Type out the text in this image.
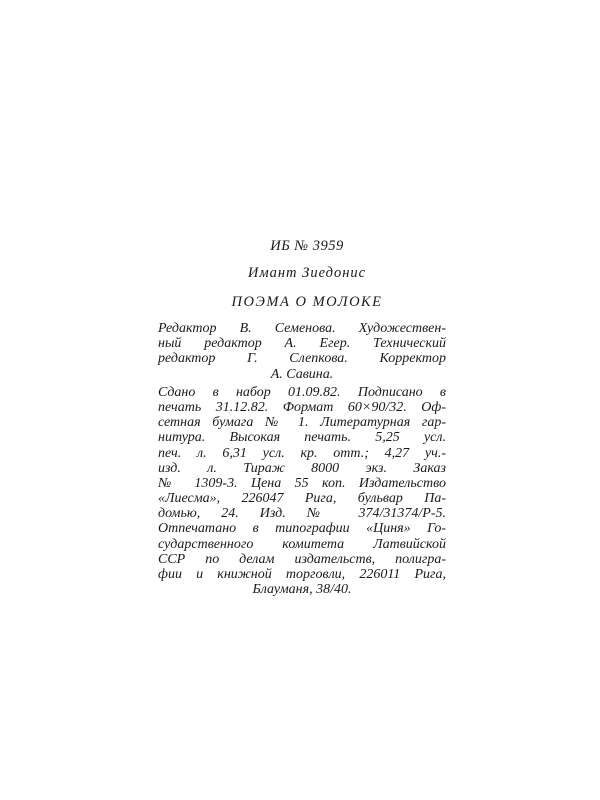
ИБ № 3959
Имант Зиедонис
ПОЭМА О МОЛОКЕ
Редактор В. Семенова. Художествен-
ный редактор А. Егер. Технический
редактор Г. Слепкова. Корректор
А. Савина.
Сдано в набор 01.09.82. Подписано в
печать 31.12.82. Формат 60×90/32. Оф-
сетная бумага № 1. Литературная гар-
нитура. Высокая печать. 5,25 усл.
печ. л. 6,31 усл. кр. отт.; 4,27 уч.-
изд. л. Тираж 8000 экз. Заказ
№ 1309-3. Цена 55 коп. Издательство
«Лиесма», 226047 Рига, бульвар Па-
домью, 24. Изд. № 374/31374/Р-5.
Отпечатано в типографии «Циня» Го-
сударственного комитета Латвийской
ССР по делам издательств, полигра-
фии и книжной торговли, 226011 Рига,
Блауманя, 38/40.
